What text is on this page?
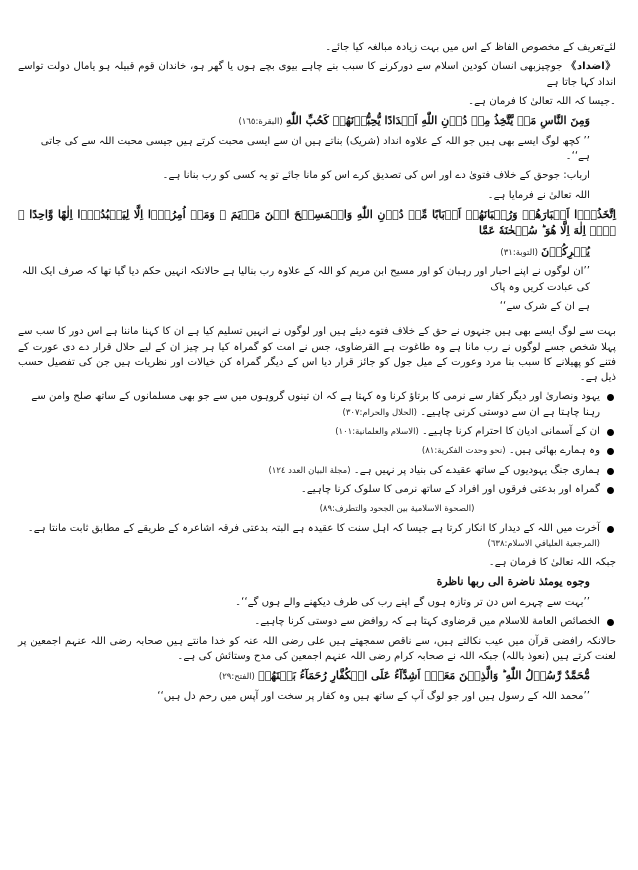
لئےتعریف کے مخصوص الفاظ کے اس میں بہت زیادہ مبالغہ کیا جائے۔

《اضداد》 جوچیزبھی انسان کودین اسلام سے دورکرنے کا سبب بنے چاہے بیوی بچے ہوں یا گھر ہو، خاندان قوم قبیلہ ہو یامال دولت تواسے انداد کہا جاتا ہے

۔جیسا کہ اللہ تعالیٰ کا فرمان ہے۔

وَمِنَ النَّاسِ مَنۡ يَّتَّخِذُ مِنۡ دُوۡنِ اللّٰهِ اَنۡدَادًا يُّحِبُّوۡنَهُمۡ كَحُبِّ اللّٰهِ (البقرة:١٦٥)

’’ کچھ لوگ ایسے بھی ہیں جو اللہ کے علاوہ انداد (شریک) بناتے ہیں ان سے ایسی محبت کرتے ہیں جیسی محبت اللہ سے کی جاتی ہے‘‘۔

ارباب: جوحق کے خلاف فتویٰ دے اور اس کی تصدیق کرے اس کو مانا جائے تو یہ کسی کو رب بنانا ہے۔

اللہ تعالیٰ نے فرمایا ہے۔

اِتَّخَذُوۡۤا اَحۡبَارَهُمۡ وَرُهۡبَانَهُمۡ اَرۡبَابًا مِّنۡ دُوۡنِ اللّٰهِ وَالۡمَسِيۡحَ ابۡنَ مَرۡيَمَ ۚ وَمَاۤ اُمِرُوۡۤا اِلَّا لِيَعۡبُدُوۡۤا اِلٰهًا وَّاحِدًا ۚ لَاۤ اِلٰهَ اِلَّا هُوَ ؕ سُبۡحٰنَهٗ عَمَّا

يُشۡرِكُوۡنَ (التوبة:٣١)

’’ان لوگوں نے اپنے احبار اور رہبان کو اور مسیح ابن مریم کو اللہ کے علاوہ رب بنالیا ہے حالانکہ انہیں حکم دیا گیا تھا کہ صرف ایک اللہ کی عبادت کریں وہ پاک

ہے ان کے شرک سے‘‘

بہت سے لوگ ایسے بھی ہیں جنہوں نے حق کے خلاف فتوے دیئے ہیں اور لوگوں نے انہیں تسلیم کیا ہے ان کا کہنا ماننا ہے اس دور کا سب سے پہلا شخص جسے لوگوں نے رب مانا ہے وہ طاغوت ہے القرضاوی، جس نے امت کو گمراہ کیا ہر چیز ان کے لیے حلال قرار دے دی عورت کے فتنے کو پھیلانے کا سبب بنا مرد وعورت کے میل جول کو جائز قرار دیا اس کے دیگر گمراہ کن خیالات اور نظریات ہیں جن کی تفصیل حسب ذیل ہے۔

یہود ونصاریٰ اور دیگر کفار سے نرمی کا برتاؤ کرنا وہ کہتا ہے کہ ان تینوں گروہوں میں سے جو بھی مسلمانوں کے ساتھ صلح وامن سے رہنا چاہتا ہے ان سے دوستی کرنی چاہیے۔ (الحلال والحرام:٣٠٧)

ان کے آسمانی ادیان کا احترام کرنا چاہیے۔ (الاسلام والعلمانية:١٠١)

وہ ہمارے بھائی ہیں۔ (نحو وحدت الفكرية:٨١)

ہماری جنگ یہودیوں کے ساتھ عقیدے کی بنیاد پر نہیں ہے۔ (مجلة البيان العدد ١٢٤)

گمراہ اور بدعتی فرقوں اور افراد کے ساتھ نرمی کا سلوک کرنا چاہیے۔

(الصحوة الاسلامية بين الجحود والتطرف:٨٩)

آخرت میں اللہ کے دیدار کا انکار کرتا ہے جیسا کہ اہل سنت کا عقیدہ ہے البتہ بدعتی فرقہ اشاعرہ کے طریقے کے مطابق ثابت مانتا ہے۔ (المرجعية العليافي الاسلام:٦٣٨)

جبکہ اللہ تعالیٰ کا فرمان ہے۔

وجوه يومئذ ناضرة الى ربها ناظرة

’’بہت سے چہرے اس دن تر وتازہ ہوں گے اپنے رب کی طرف دیکھنے والے ہوں گے‘‘۔

الخصائص العامة للاسلام میں قرضاوی کہتا ہے کہ روافض سے دوستی کرنا چاہیے۔

حالانکہ رافضی قرآن میں عیب نکالتے ہیں، سے ناقص سمجھتے ہیں علی رضی اللہ عنہ کو خدا مانتے ہیں صحابہ رضی اللہ عنہم اجمعین پر لعنت کرتے ہیں (نعوذ باللہ) جبکہ اللہ نے صحابہ کرام رضی اللہ عنہم اجمعین کی مدح وستائش کی ہے۔

مُّحَمَّدٌ رَّسُوۡلُ اللّٰهِ ؕ وَالَّذِيۡنَ مَعَهٗۤ اَشِدَّآءُ عَلَى الۡكُفَّارِ رُحَمَآءُ بَيۡنَهُمۡ (الفتح:٢٩)

’’محمد اللہ کے رسول ہیں اور جو لوگ آپ کے ساتھ ہیں وہ کفار پر سخت اور آپس میں رحم دل ہیں‘‘
